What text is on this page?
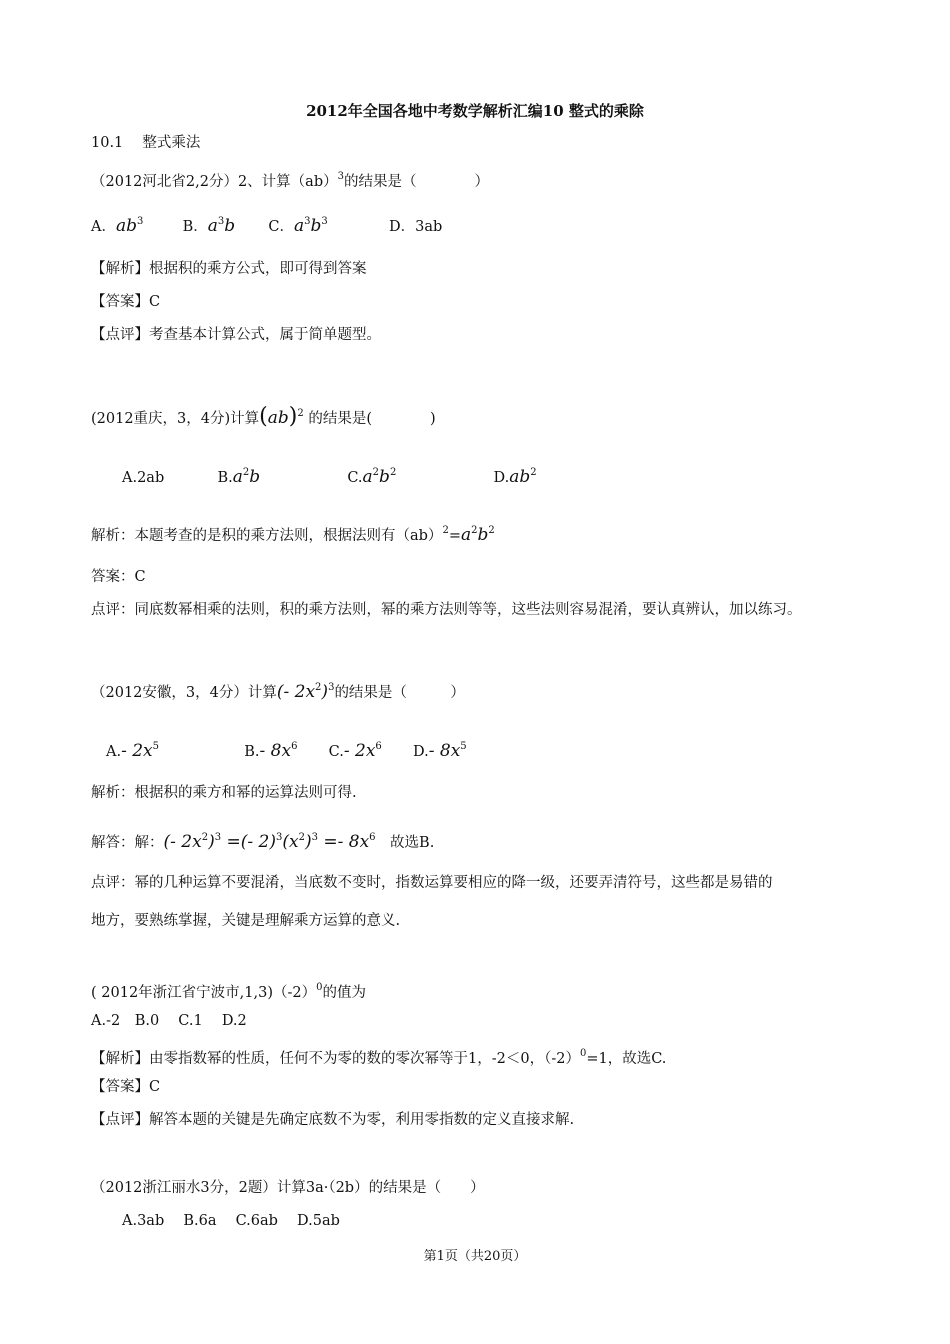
2012年全国各地中考数学解析汇编10 整式的乘除
10.1　 整式乘法
（2012河北省2,2分）2、计算（ab）$^3$的结果是（　　　　）
A．$ab^3$	B．$a^3b$ C．$a^3b^3$	D．3ab
【解析】根据积的乘方公式，即可得到答案
【答案】C
【点评】考查基本计算公式，属于简单题型。
(2012重庆，3，4分)计算(ab)$^2$ 的结果是(　　　　)
A.2ab	$B.a^2b$	$C.a^2b^2$	$D.ab^2$
解析：本题考查的是积的乘方法则，根据法则有$(ab)^2=a^2b^2$
答案：C
点评：同底数幂相乘的法则，积的乘方法则，幂的乘方法则等等，这些法则容易混淆，要认真辨认，加以练习。
（2012安徽，3，4分）计算(- $2x^2)^3$的结果是（　　　）
A.- $2x^5$	B.- $8x^6$ C.- $2x^6$ D.- $8x^5$
解析：根据积的乘方和幂的运算法则可得.
解答：解：(- $2x^2)^3$ =(- $2)^3(x^2)^3 =- 8x^6$　故选B.
点评：幂的几种运算不要混淆，当底数不变时，指数运算要相应的降一级，还要弄清符号，这些都是易错的
地方，要熟练掌握，关键是理解乘方运算的意义.
( 2012年浙江省宁波市$,1,3)(-2)^0$的值为
A.-2　B.0　 C.1　 D.2
【解析】由零指数幂的性质，任何不为零的数的零次幂等于1，-2＜0，$(-2)^0=1$，故选C.
【答案】C
【点评】解答本题的关键是先确定底数不为零，利用零指数的定义直接求解.
（2012浙江丽水3分，2题）计算3a·（2b）的结果是（　　）
A.3ab　 B.6a　 C.6ab　 D.5ab
第1页（共20页）
